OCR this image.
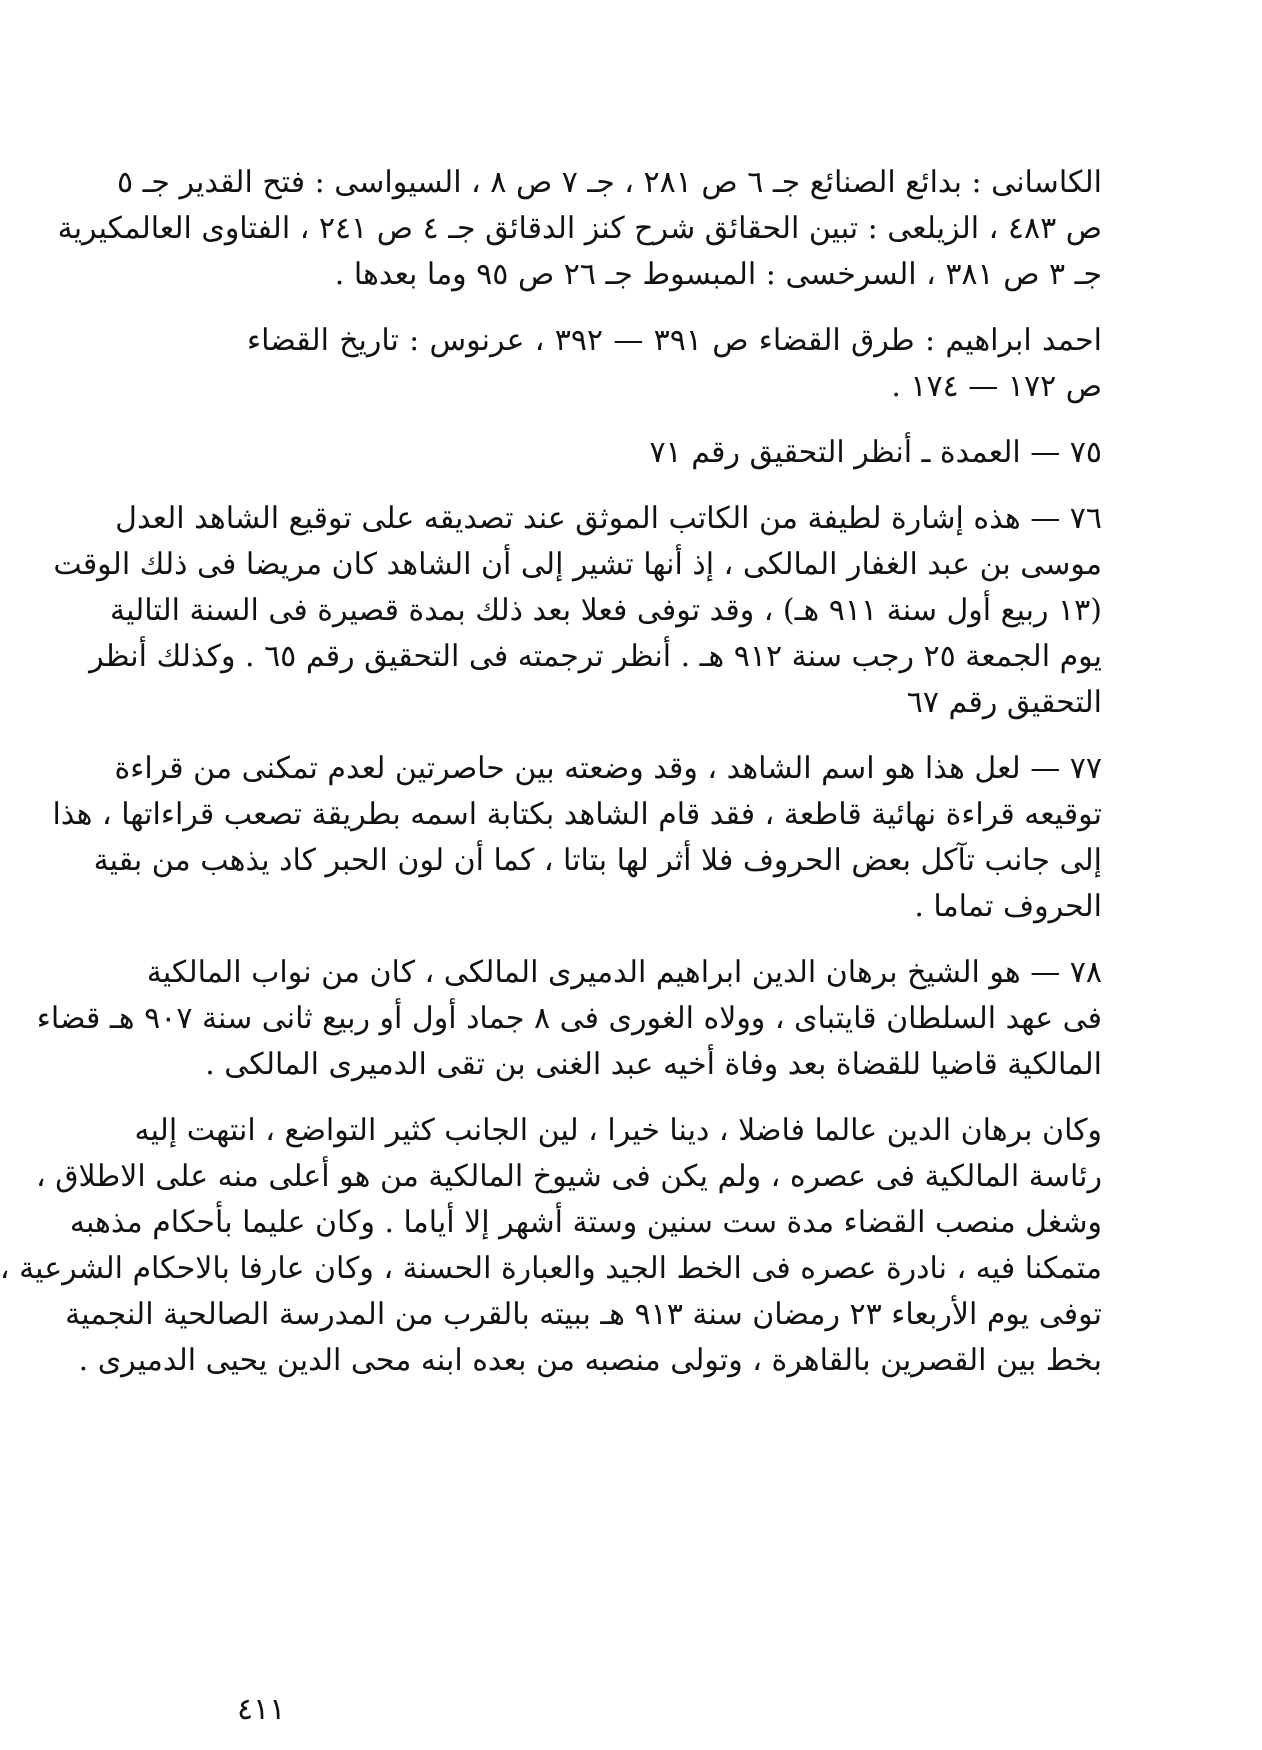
الكاسانى : بدائع الصنائع جـ ٦ ص ٢٨١ ، جـ ٧ ص ٨ ، السيواسى : فتح القدير جـ ٥
ص ٤٨٣ ، الزيلعى : تبين الحقائق شرح كنز الدقائق جـ ٤ ص ٢٤١ ، الفتاوى العالمكيرية
جـ ٣ ص ٣٨١ ، السرخسى : المبسوط جـ ٢٦ ص ٩٥ وما بعدها .
احمد ابراهيم : طرق القضاء ص ٣٩١ — ٣٩٢ ، عرنوس : تاريخ القضاء
ص ١٧٢ — ١٧٤ .
٧٥ — العمدة ـ أنظر التحقيق رقم ٧١
٧٦ — هذه إشارة لطيفة من الكاتب الموثق عند تصديقه على توقيع الشاهد العدل
موسى بن عبد الغفار المالكى ، إذ أنها تشير إلى أن الشاهد كان مريضا فى ذلك الوقت
(١٣ ربيع أول سنة ٩١١ هـ) ، وقد توفى فعلا بعد ذلك بمدة قصيرة فى السنة التالية
يوم الجمعة ٢٥ رجب سنة ٩١٢ هـ . أنظر ترجمته فى التحقيق رقم ٦٥ . وكذلك أنظر
التحقيق رقم ٦٧
٧٧ — لعل هذا هو اسم الشاهد ، وقد وضعته بين حاصرتين لعدم تمكنى من قراءة
توقيعه قراءة نهائية قاطعة ، فقد قام الشاهد بكتابة اسمه بطريقة تصعب قراءاتها ، هذا
إلى جانب تآكل بعض الحروف فلا أثر لها بتاتا ، كما أن لون الحبر كاد يذهب من بقية
الحروف تماما .
٧٨ — هو الشيخ برهان الدين ابراهيم الدميرى المالكى ، كان من نواب المالكية
فى عهد السلطان قايتباى ، وولاه الغورى فى ٨ جماد أول أو ربيع ثانى سنة ٩٠٧ هـ قضاء
المالكية قاضيا للقضاة بعد وفاة أخيه عبد الغنى بن تقى الدميرى المالكى .
وكان برهان الدين عالما فاضلا ، دينا خيرا ، لين الجانب كثير التواضع ، انتهت إليه
رئاسة المالكية فى عصره ، ولم يكن فى شيوخ المالكية من هو أعلى منه على الاطلاق ،
وشغل منصب القضاء مدة ست سنين وستة أشهر إلا أياما . وكان عليما بأحكام مذهبه
متمكنا فيه ، نادرة عصره فى الخط الجيد والعبارة الحسنة ، وكان عارفا بالاحكام الشرعية ،
توفى يوم الأربعاء ٢٣ رمضان سنة ٩١٣ هـ ببيته بالقرب من المدرسة الصالحية النجمية
بخط بين القصرين بالقاهرة ، وتولى منصبه من بعده ابنه محى الدين يحيى الدميرى .
٤١١
